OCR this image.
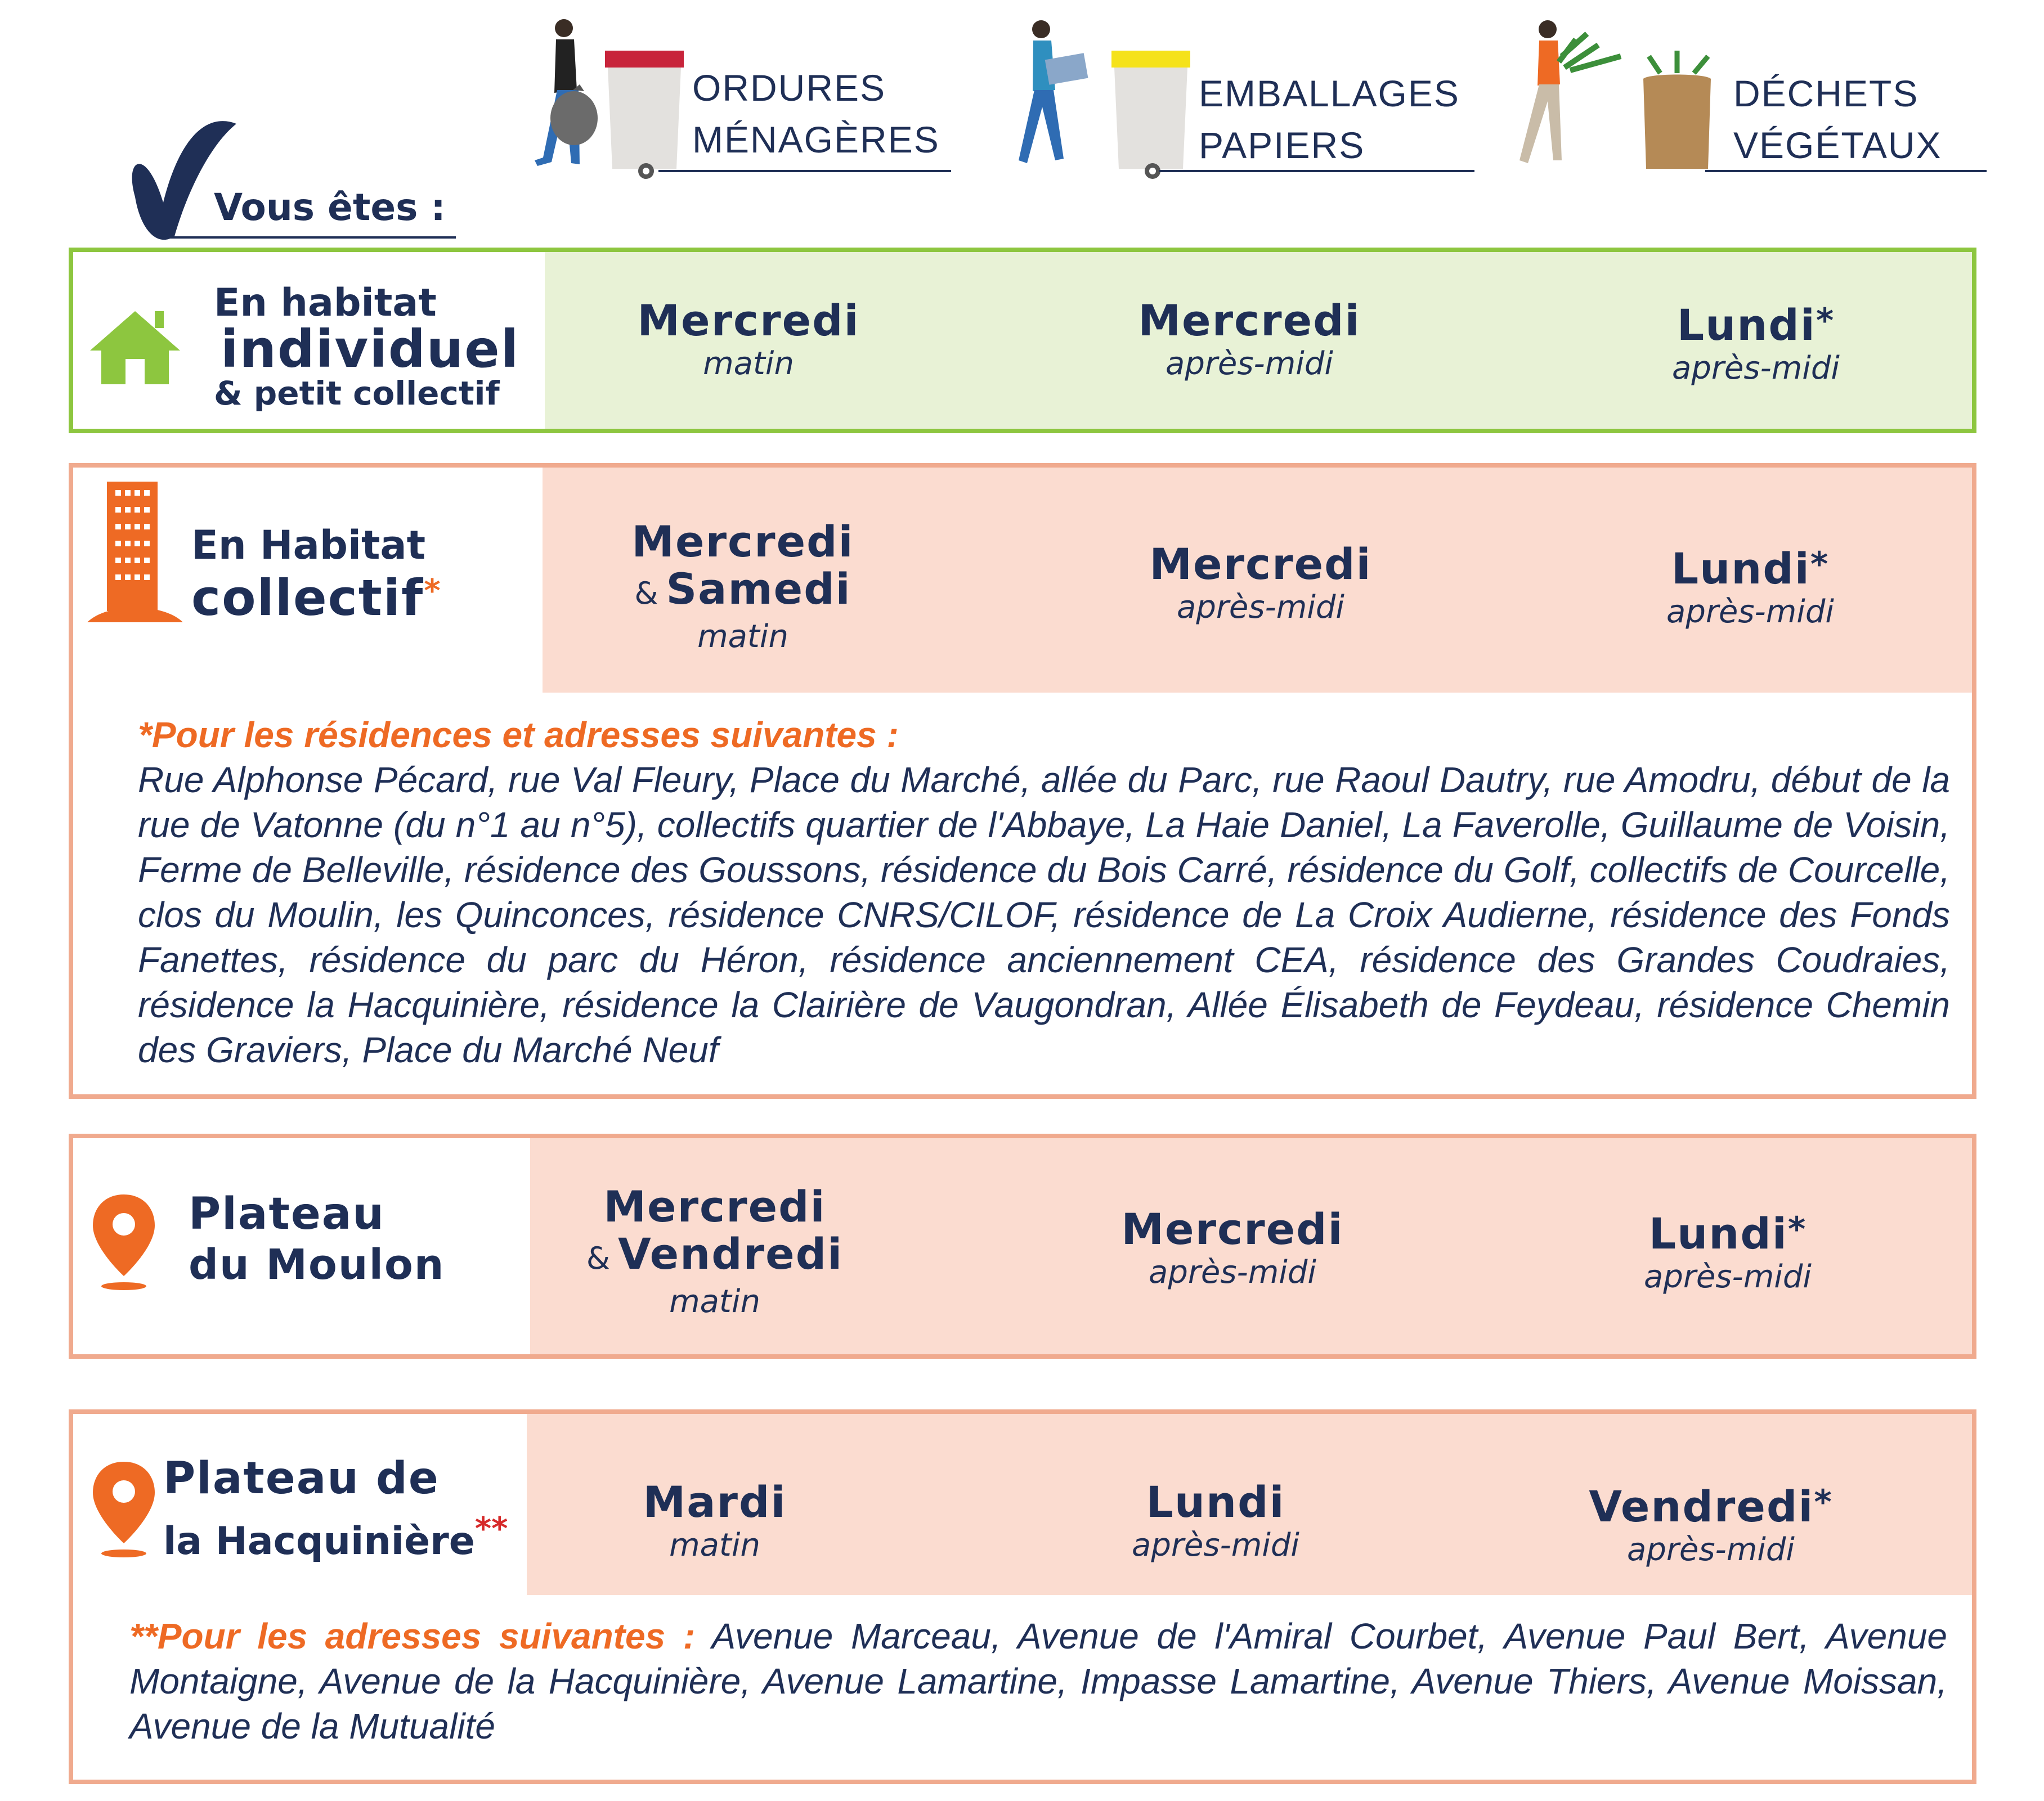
Vous êtes :
ORDURES
MÉNAGÈRES
EMBALLAGES
PAPIERS
DÉCHETS
VÉGÉTAUX
En habitat
individuel
& petit collectif
Mercredi
matin
Mercredi
après-midi
Lundi*
après-midi
En Habitat
collectif*
Mercredi
& Samedi
matin
Mercredi
après-midi
Lundi*
après-midi
*Pour les résidences et adresses suivantes :
Rue Alphonse Pécard, rue Val Fleury, Place du Marché, allée du Parc, rue Raoul Dautry, rue Amodru, début de la rue de Vatonne (du n°1 au n°5), collectifs quartier de l'Abbaye, La Haie Daniel, La Faverolle, Guillaume de Voisin, Ferme de Belleville, résidence des Goussons, résidence du Bois Carré, résidence du Golf, collectifs de Courcelle, clos du Moulin, les Quinconces, résidence CNRS/CILOF, résidence de La Croix Audierne, résidence des Fonds Fanettes, résidence du parc du Héron, résidence anciennement CEA, résidence des Grandes Coudraies, résidence la Hacquinière, résidence la Clairière de Vaugondran, Allée Élisabeth de Feydeau, résidence Chemin des Graviers, Place du Marché Neuf
Plateau
du Moulon
Mercredi
& Vendredi
matin
Mercredi
après-midi
Lundi*
après-midi
Plateau de
la Hacquinière**
Mardi
matin
Lundi
après-midi
Vendredi*
après-midi
**Pour les adresses suivantes : Avenue Marceau, Avenue de l'Amiral Courbet, Avenue Paul Bert, Avenue Montaigne, Avenue de la Hacquinière, Avenue Lamartine, Impasse Lamartine, Avenue Thiers, Avenue Moissan, Avenue de la Mutualité
